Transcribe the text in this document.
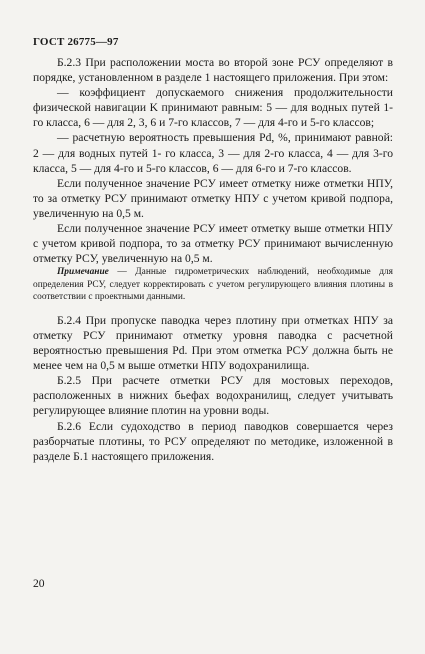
ГОСТ 26775—97

Б.2.3 При расположении моста во второй зоне РСУ определяют в порядке, установленном в разделе 1 настоящего приложения. При этом:

— коэффициент допускаемого снижения продолжительности физической навигации K принимают равным: 5 — для водных путей 1-го класса, 6 — для 2, 3, 6 и 7-го классов, 7 — для 4-го и 5-го классов;

— расчетную вероятность превышения Pd, %, принимают равной: 2 — для водных путей 1- го класса, 3 — для 2-го класса, 4 — для 3-го класса, 5 — для 4-го и 5-го классов, 6 — для 6-го и 7-го классов.

Если полученное значение РСУ имеет отметку ниже отметки НПУ, то за отметку РСУ принимают отметку НПУ с учетом кривой подпора, увеличенную на 0,5 м.

Если полученное значение РСУ имеет отметку выше отметки НПУ с учетом кривой подпора, то за отметку РСУ принимают вычисленную отметку РСУ, увеличенную на 0,5 м.

Примечание — Данные гидрометрических наблюдений, необходимые для определения РСУ, следует корректировать с учетом регулирующего влияния плотины в соответствии с проектными данными.

Б.2.4 При пропуске паводка через плотину при отметках НПУ за отметку РСУ принимают отметку уровня паводка с расчетной вероятностью превышения Pd. При этом отметка РСУ должна быть не менее чем на 0,5 м выше отметки НПУ водохранилища.

Б.2.5 При расчете отметки РСУ для мостовых переходов, расположенных в нижних бьефах водохранилищ, следует учитывать регулирующее влияние плотин на уровни воды.

Б.2.6 Если судоходство в период паводков совершается через разборчатые плотины, то РСУ определяют по методике, изложенной в разделе Б.1 настоящего приложения.

20
